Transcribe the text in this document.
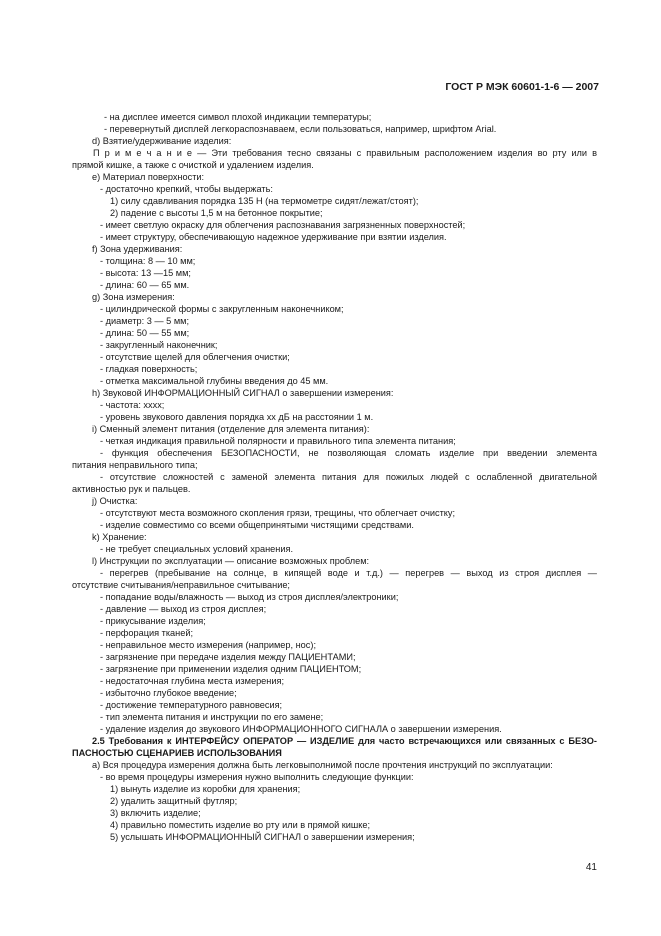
ГОСТ Р МЭК 60601-1-6 — 2007
- на дисплее имеется символ плохой индикации температуры;
- перевернутый дисплей легкораспознаваем, если пользоваться, например, шрифтом Arial.
d) Взятие/удерживание изделия:
П р и м е ч а н и е — Эти требования тесно связаны с правильным расположением изделия во рту или в
прямой кишке, а также с очисткой и удалением изделия.
e) Материал поверхности:
- достаточно крепкий, чтобы выдержать:
1) силу сдавливания порядка 135 Н (на термометре сидят/лежат/стоят);
2) падение с высоты 1,5 м на бетонное покрытие;
- имеет светлую окраску для облегчения распознавания загрязненных поверхностей;
- имеет структуру, обеспечивающую надежное удерживание при взятии изделия.
f) Зона удерживания:
- толщина: 8 — 10 мм;
- высота: 13 —15 мм;
- длина: 60 — 65 мм.
g) Зона измерения:
- цилиндрической формы с закругленным наконечником;
- диаметр: 3 — 5 мм;
- длина: 50 — 55 мм;
- закругленный наконечник;
- отсутствие щелей для облегчения очистки;
- гладкая поверхность;
- отметка максимальной глубины введения до 45 мм.
h) Звуковой ИНФОРМАЦИОННЫЙ СИГНАЛ о завершении измерения:
- частота: хххх;
- уровень звукового давления порядка хх дБ на расстоянии 1 м.
i) Сменный элемент питания (отделение для элемента питания):
- четкая индикация правильной полярности и правильного типа элемента питания;
- функция обеспечения БЕЗОПАСНОСТИ, не позволяющая сломать изделие при введении элемента
питания неправильного типа;
- отсутствие сложностей с заменой элемента питания для пожилых людей с ослабленной двигательной
активностью рук и пальцев.
j) Очистка:
- отсутствуют места возможного скопления грязи, трещины, что облегчает очистку;
- изделие совместимо со всеми общепринятыми чистящими средствами.
k) Хранение:
- не требует специальных условий хранения.
l) Инструкции по эксплуатации — описание возможных проблем:
- перегрев (пребывание на солнце, в кипящей воде и т.д.) — перегрев — выход из строя дисплея —
отсутствие считывания/неправильное считывание;
- попадание воды/влажность — выход из строя дисплея/электроники;
- давление — выход из строя дисплея;
- прикусывание изделия;
- перфорация тканей;
- неправильное место измерения (например, нос);
- загрязнение при передаче изделия между ПАЦИЕНТАМИ;
- загрязнение при применении изделия одним ПАЦИЕНТОМ;
- недостаточная глубина места измерения;
- избыточно глубокое введение;
- достижение температурного равновесия;
- тип элемента питания и инструкции по его замене;
- удаление изделия до звукового ИНФОРМАЦИОННОГО СИГНАЛА о завершении измерения.
2.5 Требования к ИНТЕРФЕЙСУ ОПЕРАТОР — ИЗДЕЛИЕ для часто встречающихся или связанных с БЕЗО-
ПАСНОСТЬЮ СЦЕНАРИЕВ ИСПОЛЬЗОВАНИЯ
a) Вся процедура измерения должна быть легковыполнимой после прочтения инструкций по эксплуатации:
- во время процедуры измерения нужно выполнить следующие функции:
1) вынуть изделие из коробки для хранения;
2) удалить защитный футляр;
3) включить изделие;
4) правильно поместить изделие во рту или в прямой кишке;
5) услышать ИНФОРМАЦИОННЫЙ СИГНАЛ о завершении измерения;
41
